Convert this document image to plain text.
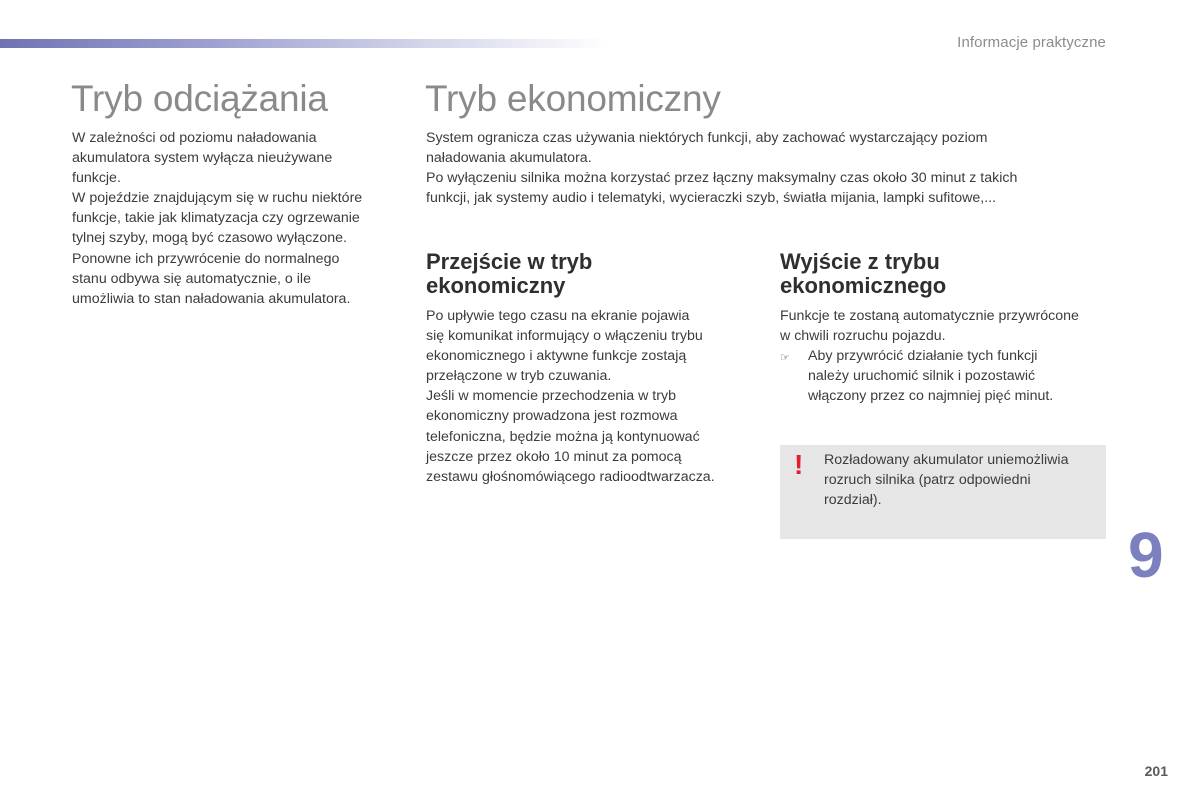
Informacje praktyczne
Tryb odciążania

W zależności od poziomu naładowania

akumulatora system wyłącza nieużywane

funkcje.

W pojeździe znajdującym się w ruchu niektóre

funkcje, takie jak klimatyzacja czy ogrzewanie

tylnej szyby, mogą być czasowo wyłączone.

Ponowne ich przywrócenie do normalnego

stanu odbywa się automatycznie, o ile

umożliwia to stan naładowania akumulatora.

Tryb ekonomiczny

System ogranicza czas używania niektórych funkcji, aby zachować wystarczający poziom

naładowania akumulatora.

Po wyłączeniu silnika można korzystać przez łączny maksymalny czas około 30 minut z takich

funkcji, jak systemy audio i telematyki, wycieraczki szyb, światła mijania, lampki sufitowe,...

Przejście w tryb
ekonomiczny

Po upływie tego czasu na ekranie pojawia

się komunikat informujący o włączeniu trybu

ekonomicznego i aktywne funkcje zostają

przełączone w tryb czuwania.

Jeśli w momencie przechodzenia w tryb

ekonomiczny prowadzona jest rozmowa

telefoniczna, będzie można ją kontynuować

jeszcze przez około 10 minut za pomocą

zestawu głośnomówiącego radioodtwarzacza.

Wyjście z trybu
ekonomicznego

Funkcje te zostaną automatycznie przywrócone

w chwili rozruchu pojazdu.

☞	Aby przywrócić działanie tych funkcji

należy uruchomić silnik i pozostawić

włączony przez co najmniej pięć minut.

! Rozładowany akumulator uniemożliwia

rozruch silnika (patrz odpowiedni

rozdział).

9
201
